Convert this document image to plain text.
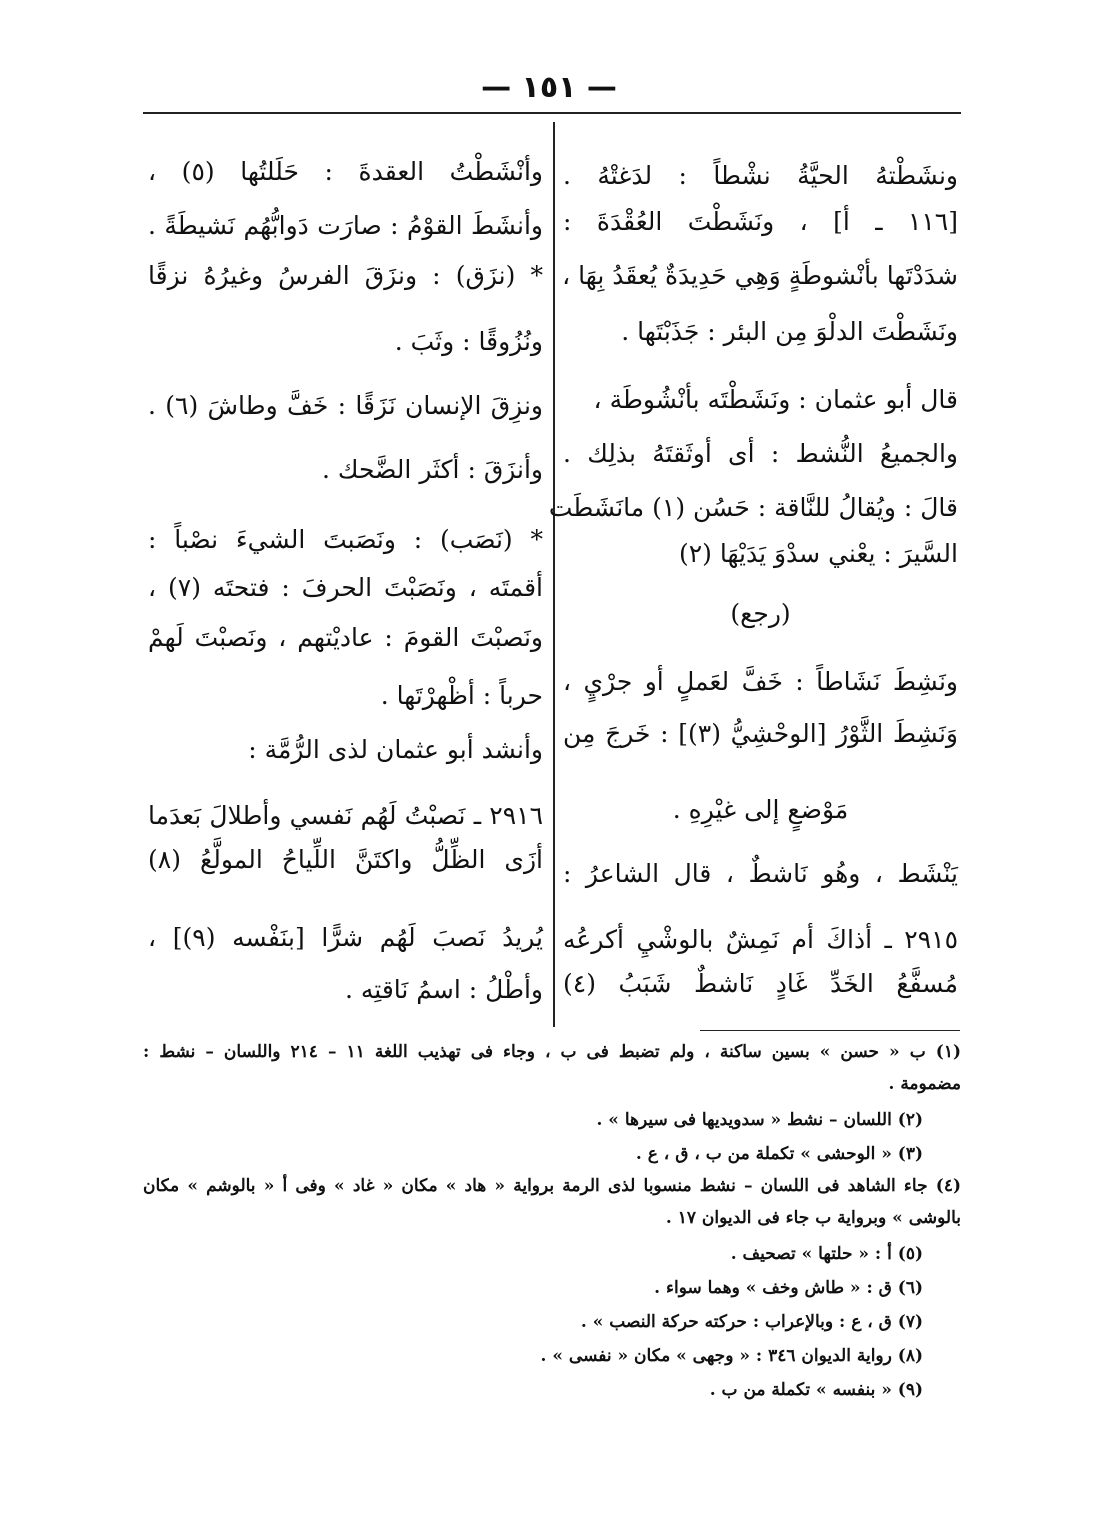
— ١٥١ —
ونشَطْتهُ الحيَّةُ نشْطاً : لدَغتْهُ .
[١١٦ ـ أ] ، ونَشَطْتَ العُقْدَةَ :
شدَدْتَها بأنْشوطَةٍ وَهِي حَدِيدَةٌ يُعقَدُ بِهَا ،
ونَشَطْتَ الدلْوَ مِن البئر : جَذَبْتَها .
قال أبو عثمان : ونَشَطْتَه بأنْشُوطَة ،
والجميعُ النُّشط : أى أوثَقتَهُ بذلِك .
قالَ : ويُقالُ للنَّاقة : حَسُن (١) مانَشَطَت
السَّيرَ : يعْني سدْوَ يَدَيْهَا (٢)
(رجع)
ونَشِطَ نَشَاطاً : خَفَّ لعَملٍ أو جرْيٍ ،
وَنَشِطَ الثَّوْرُ [الوحْشِيُّ (٣)] : خَرجَ مِن
مَوْضعٍ إلى غيْرِهِ .
يَنْشَط ، وهُو نَاشطٌ ، قال الشاعرُ :
٢٩١٥ ـ أذاكَ أم نَمِشٌ بالوشْيِ أكرعُه
مُسفَّعُ الخَدِّ غَادٍ نَاشطٌ شَبَبُ (٤)
وأنْشَطْتُ العقدةَ : حَلَلتُها (٥) ،
وأنشَطَ القوْمُ : صارَت دَوابُّهُم نَشيطَةً .
* (نزَق) : ونزَقَ الفرسُ وغيرُهُ نزقًا
ونُزُوقًا : وثَبَ .
ونزِقَ الإنسان نَزَقًا : خَفَّ وطاشَ (٦) .
وأنزَقَ : أكثَر الضَّحك .
* (نَصَب) : ونَصَبتَ الشيءَ نصْباً :
أقمتَه ، ونَصَبْتَ الحرفَ : فتحتَه (٧) ،
ونَصبْتَ القومَ : عاديْتهم ، ونَصبْتَ لَهمْ
حرباً : أظْهرْتَها .
وأنشد أبو عثمان لذى الرُّمَّة :
٢٩١٦ ـ نَصبْتُ لَهُم نَفسي وأطلالَ بَعدَما
أزَى الظِّلُّ واكتَنَّ اللِّياحُ المولَّعُ (٨)
يُريدُ نَصبَ لَهُم شرًّا [بنَفْسه (٩)] ،
وأطْلُ : اسمُ نَاقتِه .
(١) ب « حسن » بسين ساكنة ، ولم تضبط فى ب ، وجاء فى تهذيب اللغة ١١ – ٢١٤ واللسان – نشط :
مضمومة .
(٢) اللسان – نشط « سدويديها فى سيرها » .
(٣) « الوحشى » تكملة من ب ، ق ، ع .
(٤) جاء الشاهد فى اللسان – نشط منسوبا لذى الرمة برواية « هاد » مكان « غاد » وفى أ « بالوشم » مكان
بالوشى » وبرواية ب جاء فى الديوان ١٧ .
(٥) أ : « حلتها » تصحيف .
(٦) ق : « طاش وخف » وهما سواء .
(٧) ق ، ع : وبالإعراب : حركته حركة النصب » .
(٨) رواية الديوان ٣٤٦ : « وجهى » مكان « نفسى » .
(٩) « بنفسه » تكملة من ب .
